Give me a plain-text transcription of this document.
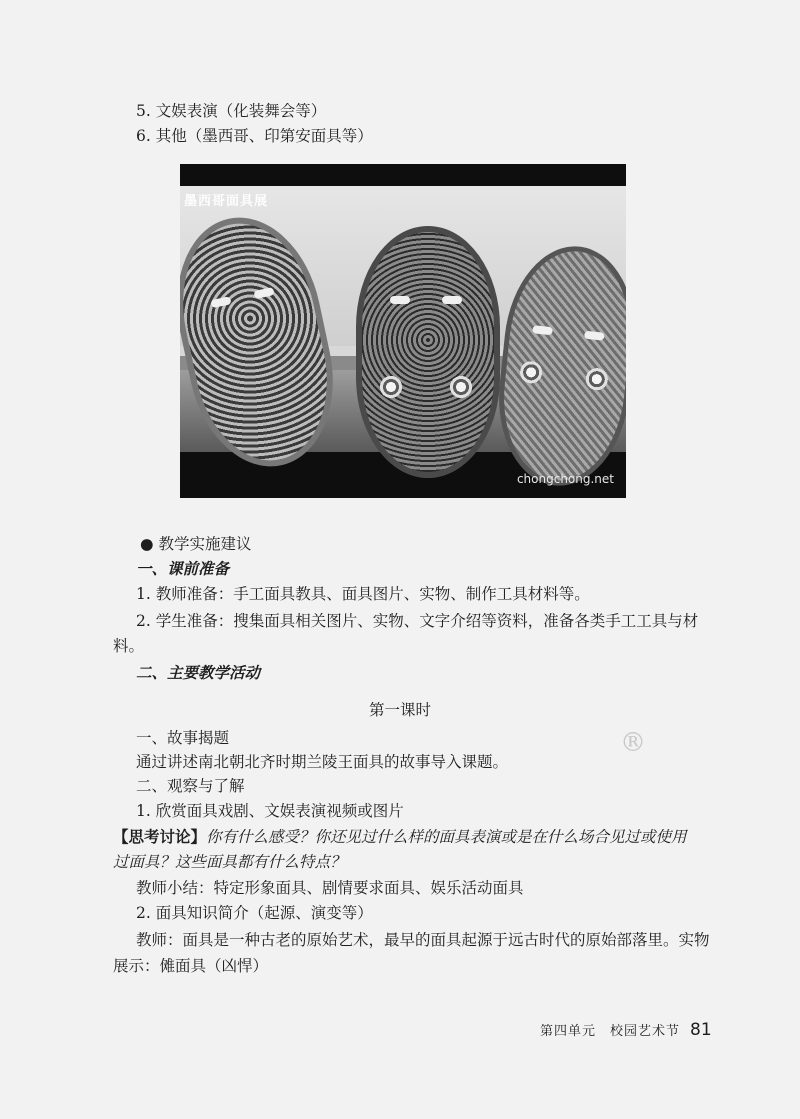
5. 文娱表演（化装舞会等）
6. 其他（墨西哥、印第安面具等）
墨西哥面具展
chongchong.net
● 教学实施建议
一、课前准备
1. 教师准备：手工面具教具、面具图片、实物、制作工具材料等。
2. 学生准备：搜集面具相关图片、实物、文字介绍等资料，准备各类手工工具与材
料。
二、主要教学活动
第一课时
一、故事揭题
通过讲述南北朝北齐时期兰陵王面具的故事导入课题。
二、观察与了解
1. 欣赏面具戏剧、文娱表演视频或图片
【思考讨论】你有什么感受？你还见过什么样的面具表演或是在什么场合见过或使用
过面具？这些面具都有什么特点？
教师小结：特定形象面具、剧情要求面具、娱乐活动面具
2. 面具知识简介（起源、演变等）
教师：面具是一种古老的原始艺术，最早的面具起源于远古时代的原始部落里。实物
展示：傩面具（凶悍）
®
第四单元　校园艺术节 81
